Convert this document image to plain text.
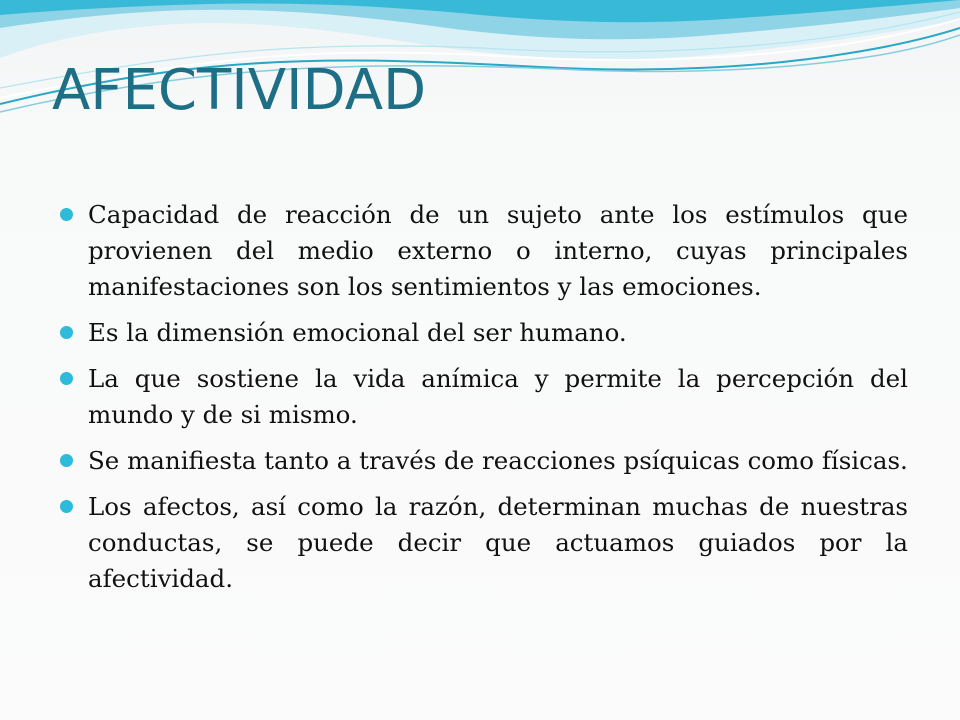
AFECTIVIDAD
Capacidad de reacción de un sujeto ante los estímulos que provienen del medio externo o interno, cuyas principales manifestaciones son los sentimientos y las emociones.
Es la dimensión emocional del ser humano.
La que sostiene la vida anímica y permite la percepción del mundo y de si mismo.
Se manifiesta tanto a través de reacciones psíquicas como físicas.
Los afectos, así como la razón, determinan muchas de nuestras conductas, se puede decir que actuamos guiados por la afectividad.
